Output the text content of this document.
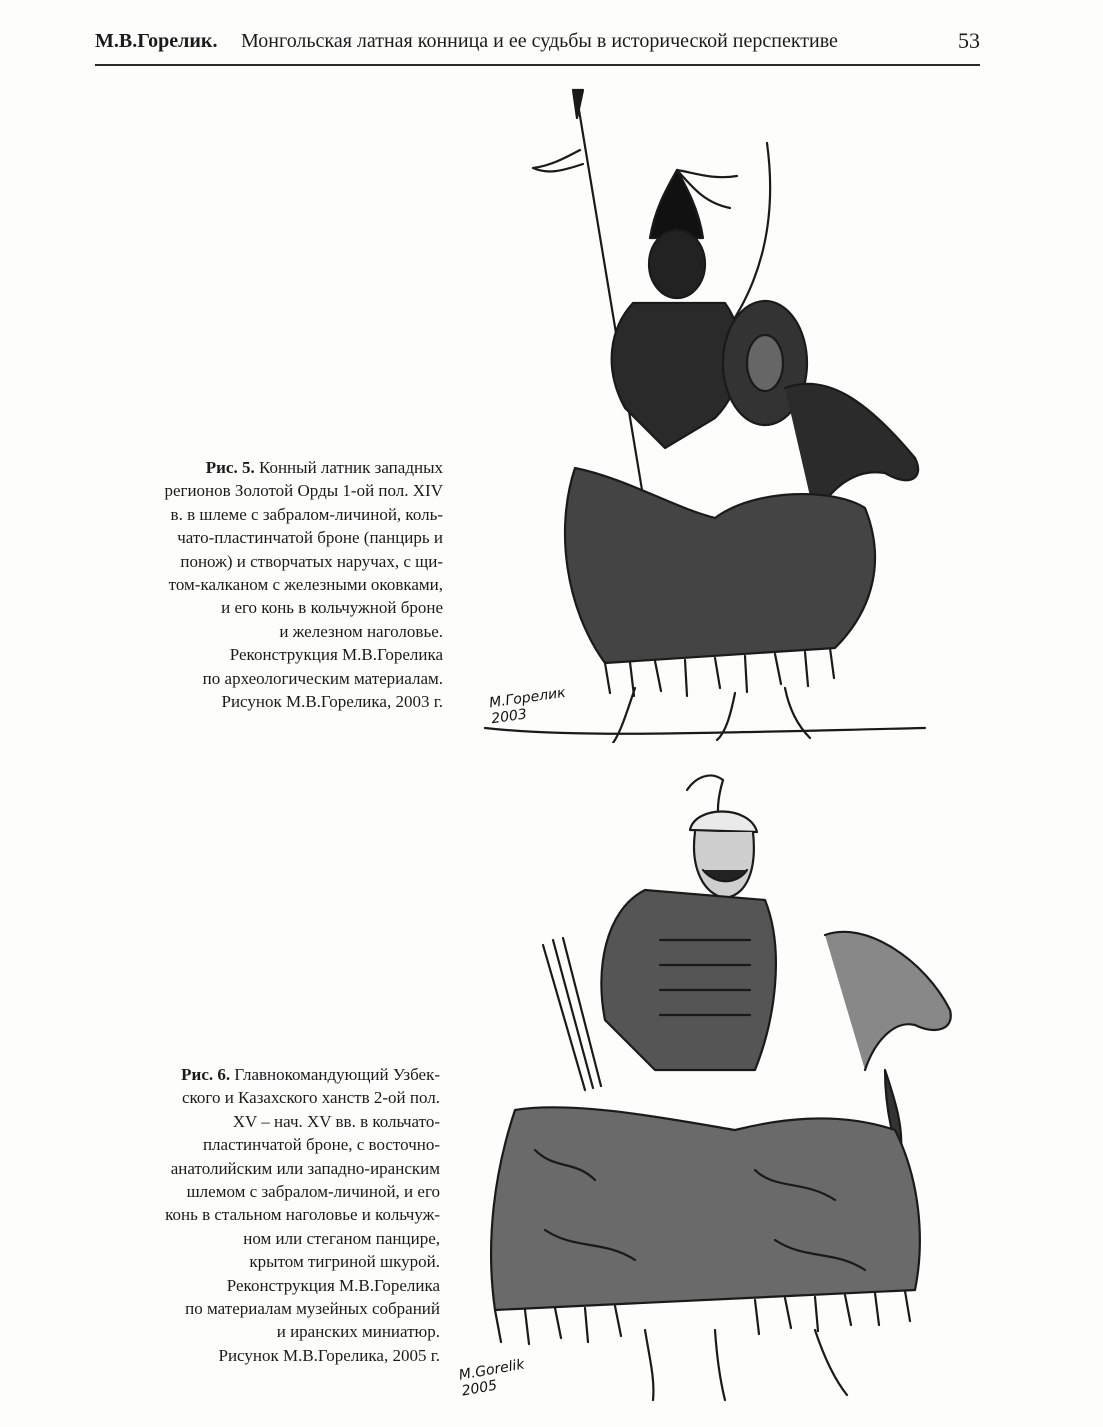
М.В.Горелик. Монгольская латная конница и ее судьбы в исторической перспективе	53
М.Горелик
2003
Рис. 5. Конный латник западных
регионов Золотой Орды 1-ой пол. XIV
в. в шлеме с забралом-личиной, коль-
чато-пластинчатой броне (панцирь и
понож) и створчатых наручах, с щи-
том-калканом с железными оковками,
и его конь в кольчужной броне
и железном наголовье.
Реконструкция М.В.Горелика
по археологическим материалам.
Рисунок М.В.Горелика, 2003 г.
M.Gorelik
2005
Рис. 6. Главнокомандующий Узбек-
ского и Казахского ханств 2-ой пол.
XV – нач. XV вв. в кольчато-
пластинчатой броне, с восточно-
анатолийским или западно-иранским
шлемом с забралом-личиной, и его
конь в стальном наголовье и кольчуж-
ном или стеганом панцире,
крытом тигриной шкурой.
Реконструкция М.В.Горелика
по материалам музейных собраний
и иранских миниатюр.
Рисунок М.В.Горелика, 2005 г.
